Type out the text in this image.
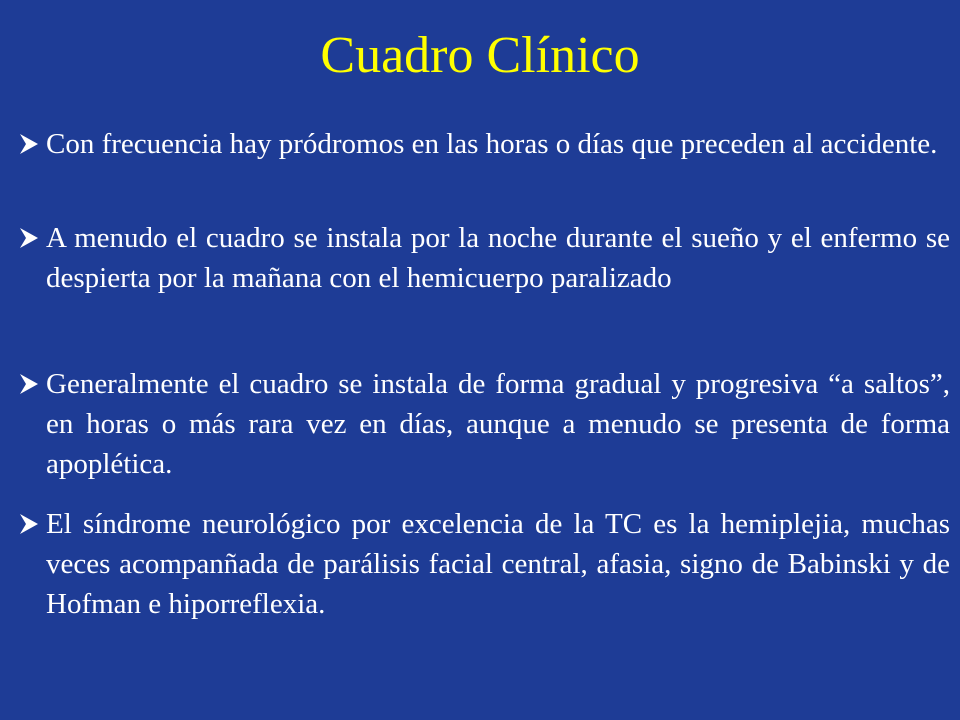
Cuadro Clínico
Con frecuencia hay pródromos en las horas o días que preceden al accidente.
A menudo el cuadro se instala por la noche durante el sueño y el enfermo se despierta por la mañana con el hemicuerpo paralizado
Generalmente el cuadro se instala de forma gradual y progresiva “a saltos”, en horas o más rara vez en días, aunque a menudo se presenta de forma apoplética.
El síndrome neurológico por excelencia de la TC es la hemiplejia, muchas veces acompanñada de parálisis facial central, afasia, signo de Babinski y de Hofman e hiporreflexia.
